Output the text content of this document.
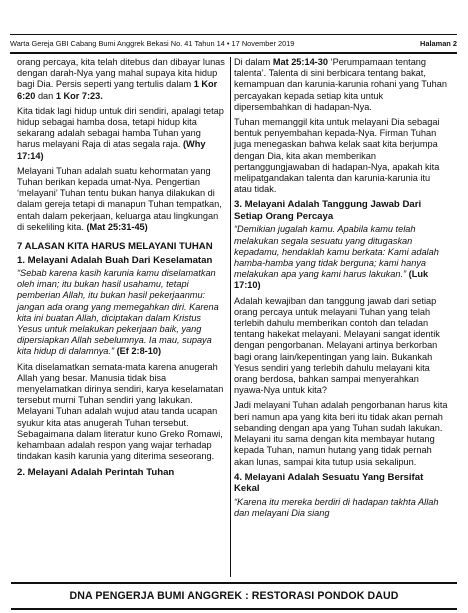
Warta Gereja GBI Cabang Bumi Anggrek Bekasi No. 41 Tahun 14 • 17 November 2019	Halaman 2

orang percaya, kita telah ditebus dan dibayar lunas dengan darah-Nya yang mahal supaya kita hidup bagi Dia. Persis seperti yang tertulis dalam 1 Kor 6:20 dan 1 Kor 7:23.

Kita tidak lagi hidup untuk diri sendiri, apalagi tetap hidup sebagai hamba dosa, tetapi hidup kita sekarang adalah sebagai hamba Tuhan yang harus melayani Raja di atas segala raja. (Why 17:14)

Melayani Tuhan adalah suatu kehormatan yang Tuhan berikan kepada umat-Nya. Pengertian ‘melayani’ Tuhan tentu bukan hanya dilakukan di dalam gereja tetapi di manapun Tuhan tempatkan, entah dalam pekerjaan, keluarga atau lingkungan di sekeliling kita. (Mat 25:31-45)

7 ALASAN KITA HARUS MELAYANI TUHAN
1. Melayani Adalah Buah Dari Keselamatan

“Sebab karena kasih karunia kamu diselamatkan oleh iman; itu bukan hasil usahamu, tetapi pemberian Allah, itu bukan hasil pekerjaanmu: jangan ada orang yang memegahkan diri. Karena kita ini buatan Allah, diciptakan dalam Kristus Yesus untuk melakukan pekerjaan baik, yang dipersiapkan Allah sebelumnya. Ia mau, supaya kita hidup di dalamnya.” (Ef 2:8-10)

Kita diselamatkan semata-mata karena anugerah Allah yang besar. Manusia tidak bisa menyelamatkan dirinya sendiri, karya keselamatan tersebut murni Tuhan sendiri yang lakukan. Melayani Tuhan adalah wujud atau tanda ucapan syukur kita atas anugerah Tuhan tersebut. Sebagaimana dalam literatur kuno Greko Romawi, kehambaan adalah respon yang wajar terhadap tindakan kasih karunia yang diterima seseorang.

2. Melayani Adalah Perintah Tuhan

Di dalam Mat 25:14-30 ‘Perumpamaan tentang talenta’. Talenta di sini berbicara tentang bakat, kemampuan dan karunia-karunia rohani yang Tuhan percayakan kepada setiap kita untuk dipersembahkan di hadapan-Nya.

Tuhan memanggil kita untuk melayani Dia sebagai bentuk penyembahan kepada-Nya. Firman Tuhan juga menegaskan bahwa kelak saat kita berjumpa dengan Dia, kita akan memberikan pertanggungjawaban di hadapan-Nya, apakah kita melipatgandakan talenta dan karunia-karunia itu atau tidak.

3. Melayani Adalah Tanggung Jawab Dari Setiap Orang Percaya

“Demikian jugalah kamu. Apabila kamu telah melakukan segala sesuatu yang ditugaskan kepadamu, hendaklah kamu berkata: Kami adalah hamba-hamba yang tidak berguna; kami hanya melakukan apa yang kami harus lakukan.” (Luk 17:10)

Adalah kewajiban dan tanggung jawab dari setiap orang percaya untuk melayani Tuhan yang telah terlebih dahulu memberikan contoh dan teladan tentang hakekat melayani. Melayani sangat identik dengan pengorbanan. Melayani artinya berkorban bagi orang lain/kepentingan yang lain. Bukankah Yesus sendiri yang terlebih dahulu melayani kita orang berdosa, bahkan sampai menyerahkan nyawa-Nya untuk kita?

Jadi melayani Tuhan adalah pengorbanan harus kita beri namun apa yang kita beri itu tidak akan pernah sebanding dengan apa yang Tuhan sudah lakukan. Melayani itu sama dengan kita membayar hutang kepada Tuhan, namun hutang yang tidak pernah akan lunas, sampai kita tutup usia sekalipun.

4. Melayani Adalah Sesuatu Yang Bersifat Kekal

“Karena itu mereka berdiri di hadapan takhta Allah dan melayani Dia siang

DNA PENGERJA BUMI ANGGREK : RESTORASI PONDOK DAUD
